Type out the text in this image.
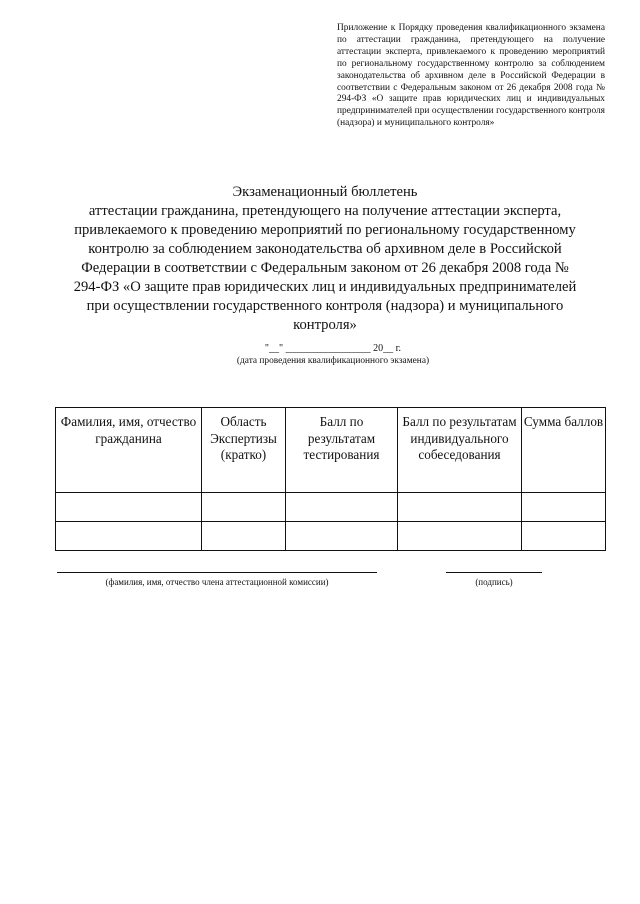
Приложение к Порядку проведения квалификационного экзамена по аттестации гражданина, претендующего на получение аттестации эксперта, привлекаемого к проведению мероприятий по региональному государственному контролю за соблюдением законодательства об архивном деле в Российской Федерации в соответствии с Федеральным законом от 26 декабря 2008 года № 294-ФЗ «О защите прав юридических лиц и индивидуальных предпринимателей при осуществлении государственного контроля (надзора) и муниципального контроля»
Экзаменационный бюллетень
аттестации гражданина, претендующего на получение аттестации эксперта, привлекаемого к проведению мероприятий по региональному государственному контролю за соблюдением законодательства об архивном деле в Российской Федерации в соответствии с Федеральным законом от 26 декабря 2008 года № 294-ФЗ «О защите прав юридических лиц и индивидуальных предпринимателей при осуществлении государственного контроля (надзора) и муниципального контроля»
"__" _________________ 20__ г.
(дата проведения квалификационного экзамена)
Фамилия, имя, отчество гражданина	Область Экспертизы (кратко)	Балл по результатам тестирования	Балл по результатам индивидуального собеседования	Сумма баллов

(фамилия, имя, отчество члена аттестационной комиссии)	(подпись)
